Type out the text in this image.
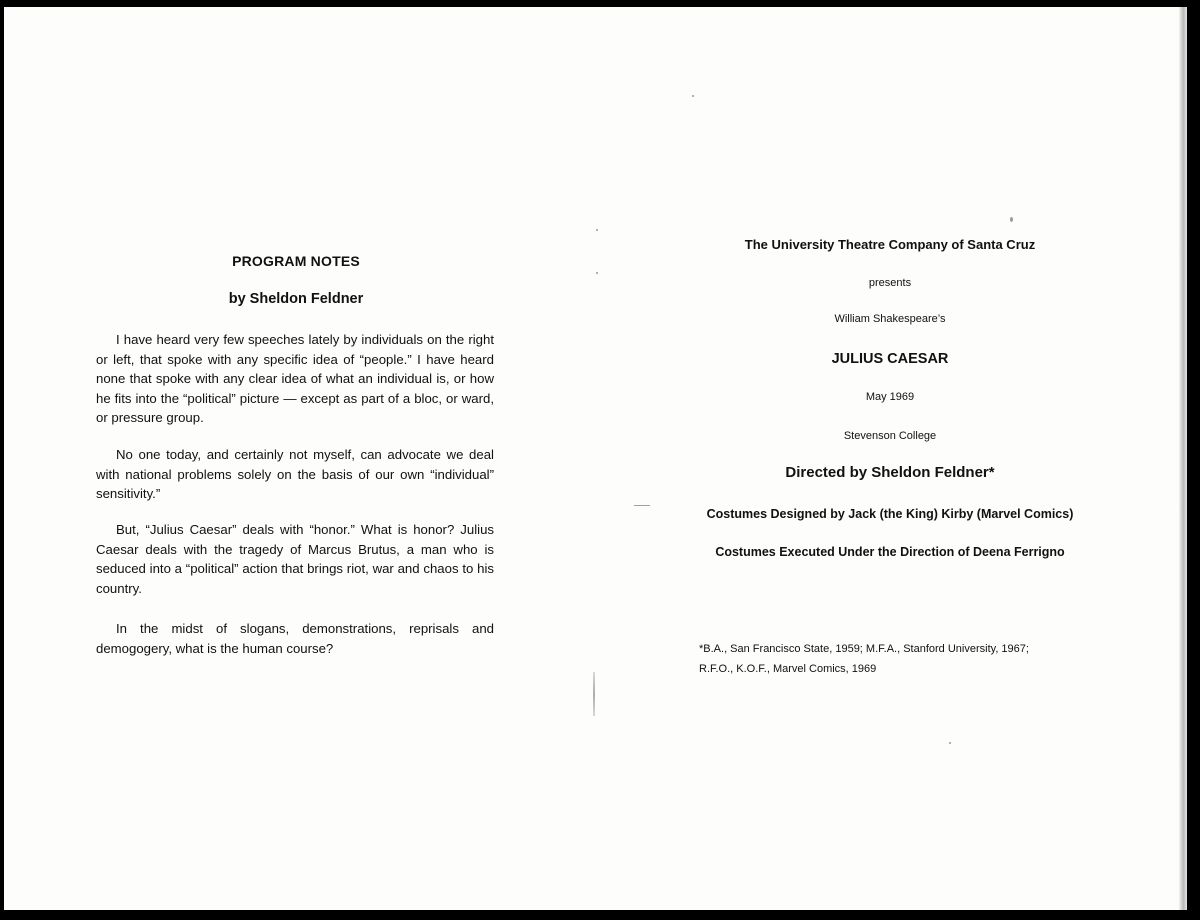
PROGRAM NOTES
by Sheldon Feldner

I have heard very few speeches lately by individuals on the right or left, that spoke with any specific idea of “people.” I have heard none that spoke with any clear idea of what an individual is, or how he fits into the “political” picture — except as part of a bloc, or ward, or pressure group.

No one today, and certainly not myself, can advocate we deal with national problems solely on the basis of our own “individual” sensitivity.”

But, “Julius Caesar” deals with “honor.” What is honor? Julius Caesar deals with the tragedy of Marcus Brutus, a man who is seduced into a “political” action that brings riot, war and chaos to his country.

In the midst of slogans, demonstrations, reprisals and demogogery, what is the human course?

The University Theatre Company of Santa Cruz
presents
William Shakespeare’s
JULIUS CAESAR
May 1969
Stevenson College
Directed by Sheldon Feldner*
Costumes Designed by Jack (the King) Kirby (Marvel Comics)
Costumes Executed Under the Direction of Deena Ferrigno

*B.A., San Francisco State, 1959; M.F.A., Stanford University, 1967;
R.F.O., K.O.F., Marvel Comics, 1969
